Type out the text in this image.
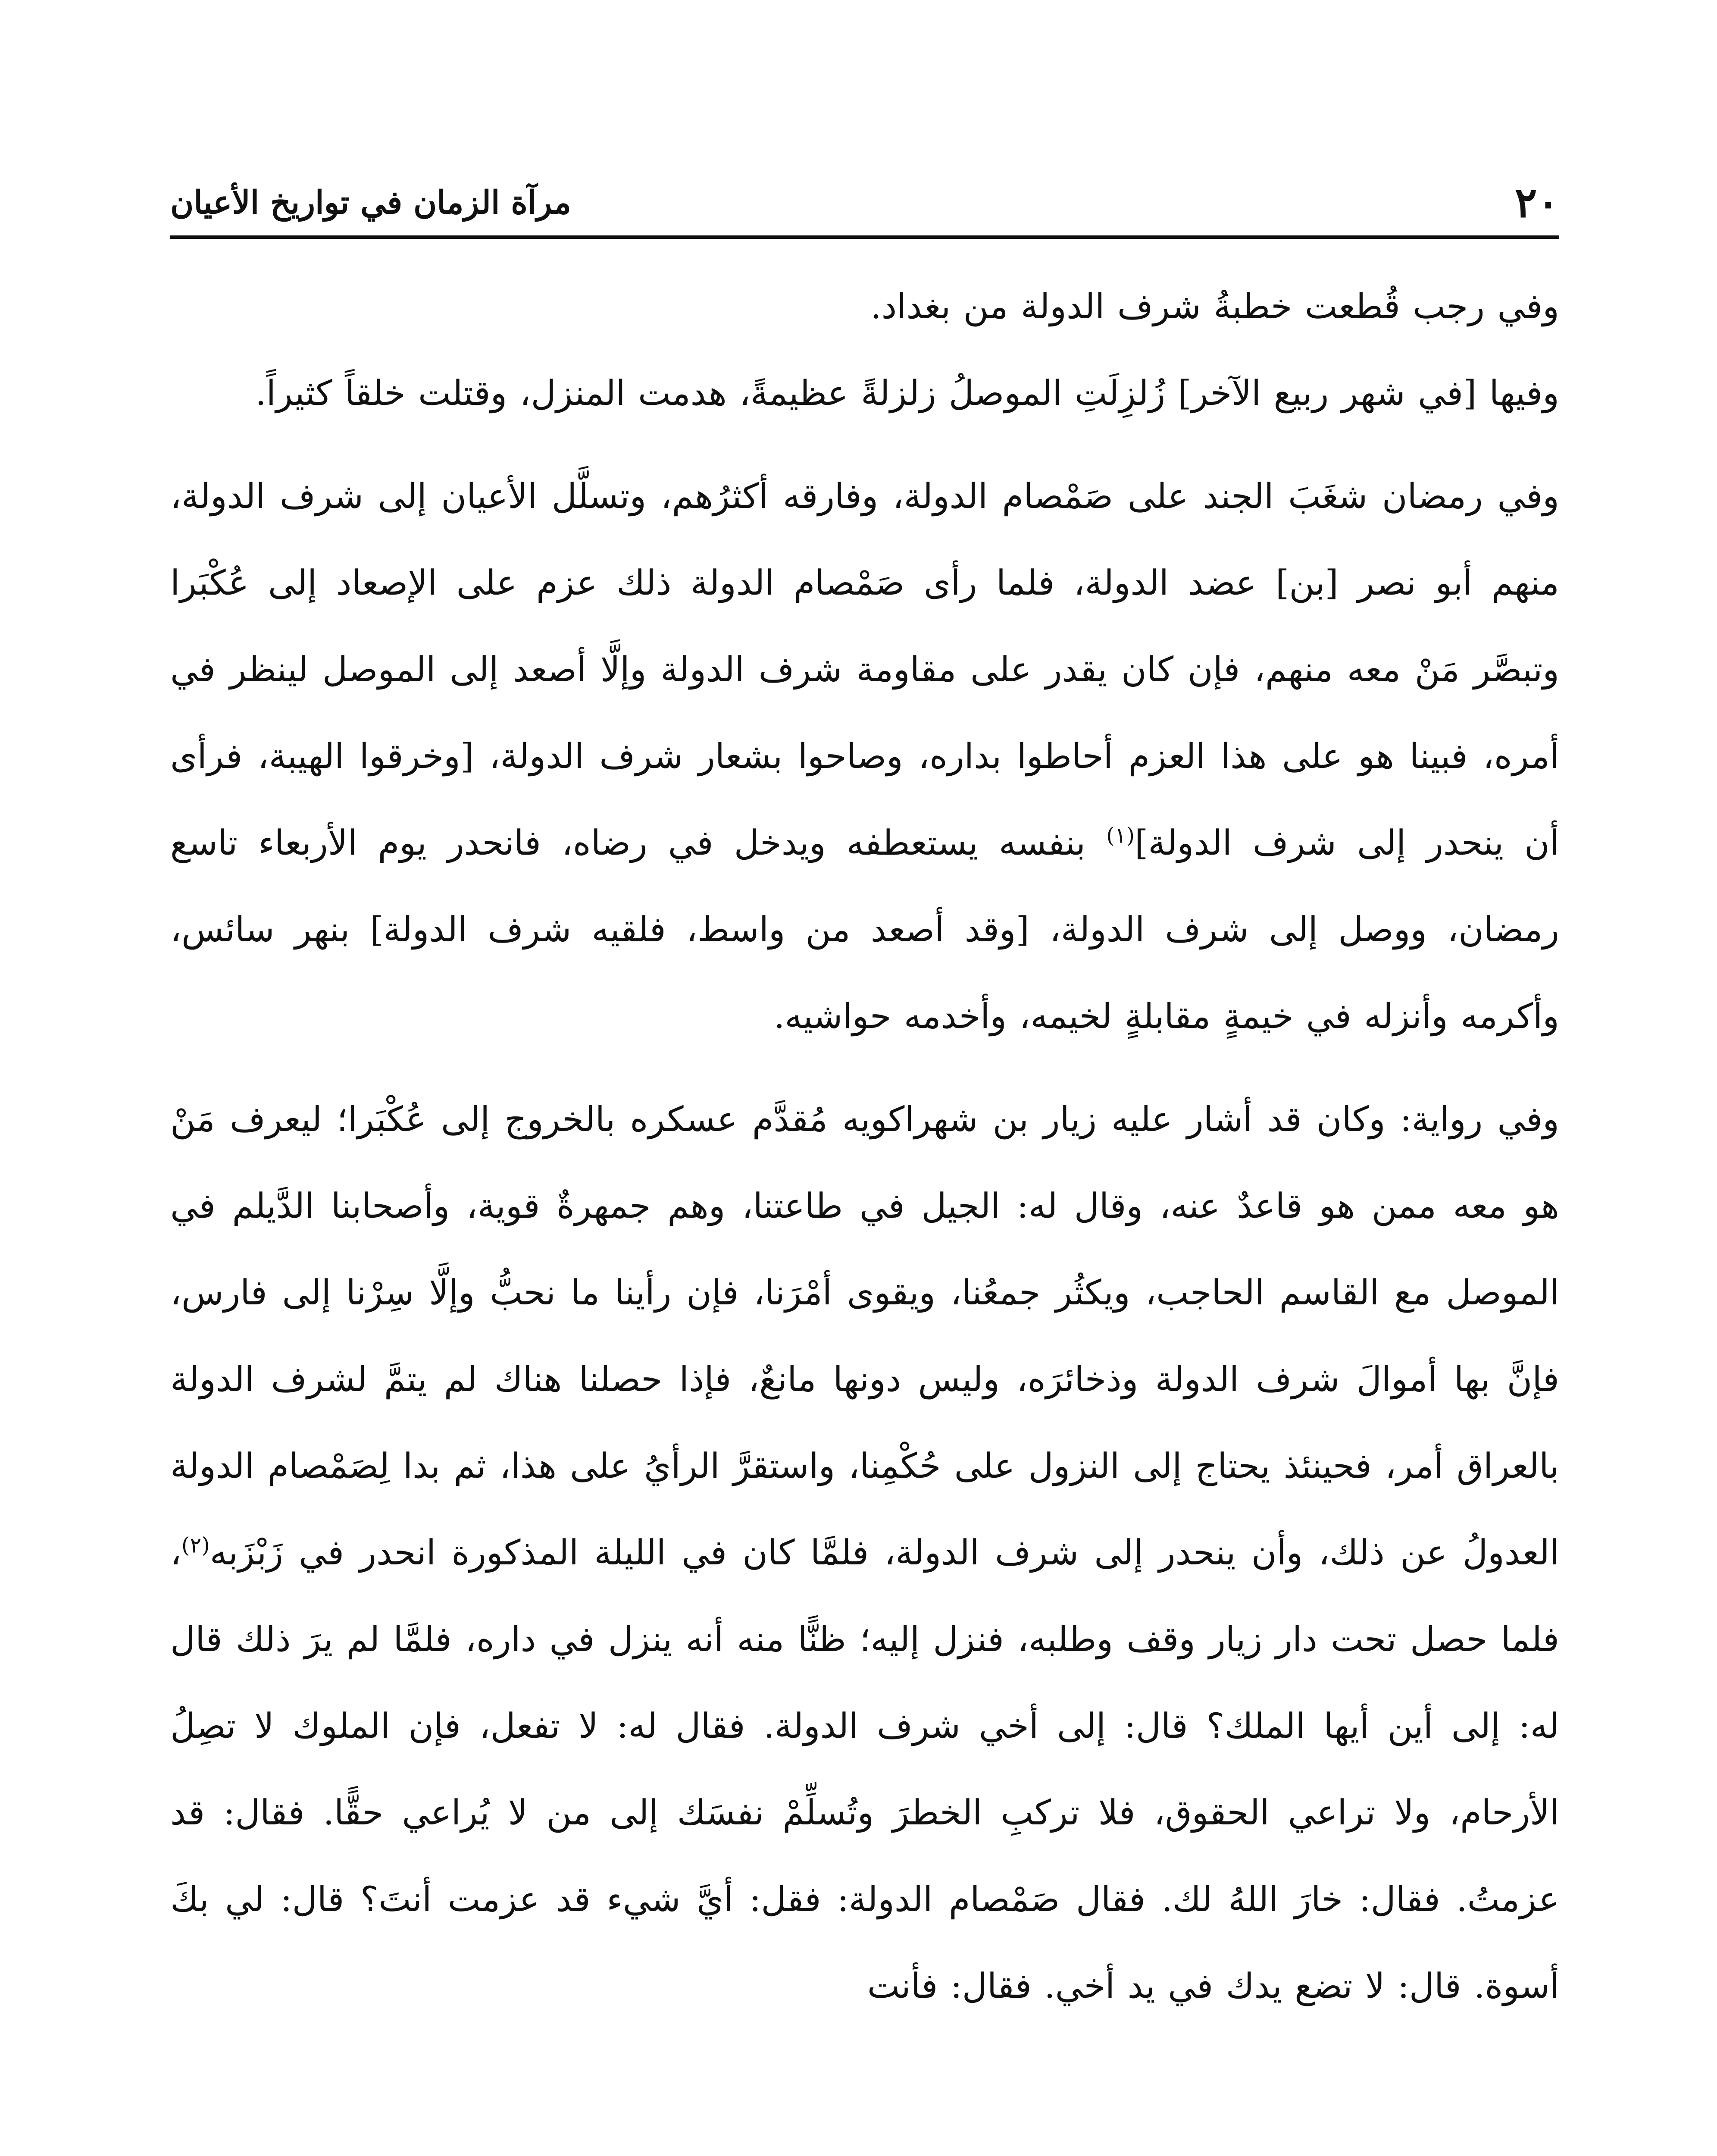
٢٠
مرآة الزمان في تواريخ الأعيان

وفي رجب قُطعت خطبةُ شرف الدولة من بغداد.

وفيها [في شهر ربيع الآخر] زُلزِلَتِ الموصلُ زلزلةً عظيمةً، هدمت المنزل، وقتلت خلقاً كثيراً.

وفي رمضان شغَبَ الجند على صَمْصام الدولة، وفارقه أكثرُهم، وتسلَّل الأعيان إلى شرف الدولة، منهم أبو نصر [بن] عضد الدولة، فلما رأى صَمْصام الدولة ذلك عزم على الإصعاد إلى عُكْبَرا وتبصَّر مَنْ معه منهم، فإن كان يقدر على مقاومة شرف الدولة وإلَّا أصعد إلى الموصل لينظر في أمره، فبينا هو على هذا العزم أحاطوا بداره، وصاحوا بشعار شرف الدولة، [وخرقوا الهيبة، فرأى أن ينحدر إلى شرف الدولة]$^{(١)}$ بنفسه يستعطفه ويدخل في رضاه، فانحدر يوم الأربعاء تاسع رمضان، ووصل إلى شرف الدولة، [وقد أصعد من واسط، فلقيه شرف الدولة] بنهر سائس، وأكرمه وأنزله في خيمةٍ مقابلةٍ لخيمه، وأخدمه حواشيه.

وفي رواية: وكان قد أشار عليه زيار بن شهراكويه مُقدَّم عسكره بالخروج إلى عُكْبَرا؛ ليعرف مَنْ هو معه ممن هو قاعدٌ عنه، وقال له: الجيل في طاعتنا، وهم جمهرةٌ قوية، وأصحابنا الدَّيلم في الموصل مع القاسم الحاجب، ويكثُر جمعُنا، ويقوى أمْرَنا، فإن رأينا ما نحبُّ وإلَّا سِرْنا إلى فارس، فإنَّ بها أموالَ شرف الدولة وذخائرَه، وليس دونها مانعٌ، فإذا حصلنا هناك لم يتمَّ لشرف الدولة بالعراق أمر، فحينئذ يحتاج إلى النزول على حُكْمِنا، واستقرَّ الرأيُ على هذا، ثم بدا لِصَمْصام الدولة العدولُ عن ذلك، وأن ينحدر إلى شرف الدولة، فلمَّا كان في الليلة المذكورة انحدر في زَبْزَبه$^{(٢)}$، فلما حصل تحت دار زيار وقف وطلبه، فنزل إليه؛ ظنًّا منه أنه ينزل في داره، فلمَّا لم يرَ ذلك قال له: إلى أين أيها الملك؟ قال: إلى أخي شرف الدولة. فقال له: لا تفعل، فإن الملوك لا تصِلُ الأرحام، ولا تراعي الحقوق، فلا تركبِ الخطرَ وتُسلِّمْ نفسَك إلى من لا يُراعي حقًّا. فقال: قد عزمتُ. فقال: خارَ اللهُ لك. فقال صَمْصام الدولة: فقل: أيَّ شيء قد عزمت أنتَ؟ قال: لي بكَ أسوة. قال: لا تضع يدك في يد أخي. فقال: فأنت
